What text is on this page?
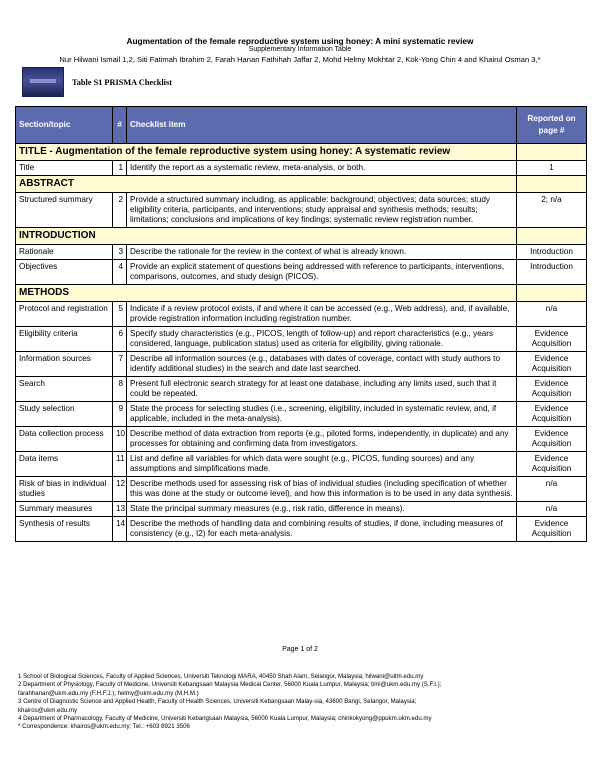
Augmentation of the female reproductive system using honey: A mini systematic review
Supplementary Information Table
Nur Hilwani Ismail 1,2, Siti Fatimah Ibrahim 2, Farah Hanan Fathihah Jaffar 2, Mohd Helmy Mokhtar 2, Kok-Yong Chin 4 and Khairul Osman 3,*
Table S1 PRISMA Checklist
Section/topic	#	Checklist item	Reported on page #
TITLE - Augmentation of the female reproductive system using honey: A systematic review			
Title	1	Identify the report as a systematic review, meta-analysis, or both.	1
ABSTRACT			
Structured summary	2	Provide a structured summary including, as applicable: background; objectives; data sources; study eligibility criteria, participants, and interventions; study appraisal and synthesis methods; results; limitations; conclusions and implications of key findings; systematic review registration number.	2; n/a
INTRODUCTION			
Rationale	3	Describe the rationale for the review in the context of what is already known.	Introduction
Objectives	4	Provide an explicit statement of questions being addressed with reference to participants, interventions, comparisons, outcomes, and study design (PICOS).	Introduction
METHODS			
Protocol and registration	5	Indicate if a review protocol exists, if and where it can be accessed (e.g., Web address), and, if available, provide registration information including registration number.	n/a
Eligibility criteria	6	Specify study characteristics (e.g., PICOS, length of follow-up) and report characteristics (e.g., years considered, language, publication status) used as criteria for eligibility, giving rationale.	Evidence Acquisition
Information sources	7	Describe all information sources (e.g., databases with dates of coverage, contact with study authors to identify additional studies) in the search and date last searched.	Evidence Acquisition
Search	8	Present full electronic search strategy for at least one database, including any limits used, such that it could be repeated.	Evidence Acquisition
Study selection	9	State the process for selecting studies (i.e., screening, eligibility, included in systematic review, and, if applicable, included in the meta-analysis).	Evidence Acquisition
Data collection process	10	Describe method of data extraction from reports (e.g., piloted forms, independently, in duplicate) and any processes for obtaining and confirming data from investigators.	Evidence Acquisition
Data items	11	List and define all variables for which data were sought (e.g., PICOS, funding sources) and any assumptions and simplifications made.	Evidence Acquisition
Risk of bias in individual studies	12	Describe methods used for assessing risk of bias of individual studies (including specification of whether this was done at the study or outcome level), and how this information is to be used in any data synthesis.	n/a
Summary measures	13	State the principal summary measures (e.g., risk ratio, difference in means).	n/a
Synthesis of results	14	Describe the methods of handling data and combining results of studies, if done, including measures of consistency (e.g., I2) for each meta-analysis.	Evidence Acquisition
Page 1 of 2
1 School of Biological Sciences, Faculty of Applied Sciences, Universiti Teknologi MARA, 40450 Shah Alam, Selangor, Malaysia; hilwani@uitm.edu.my
2 Department of Physiology, Faculty of Medicine, Universiti Kebangsaan Malaysia Medical Center, 56000 Kuala Lumpur, Malaysia; timi@ukm.edu.my (S.F.I.);
farahhanan@ukm.edu.my (F.H.F.J.); helmy@ukm.edu.my (M.H.M.)
3 Centre of Diagnostic Science and Applied Health, Faculty of Health Sciences, Universiti Kebangsaan Malay-sia, 43600 Bangi, Selangor, Malaysia;
khairos@ukm.edu.my
4 Department of Pharmacology, Faculty of Medicine, Universiti Kebangsaan Malaysia, 56000 Kuala Lumpur, Malaysia; chinkokyong@ppukm.ukm.edu.my
* Correspondence: khairos@ukm.edu.my; Tel.: +603 8921 3506
